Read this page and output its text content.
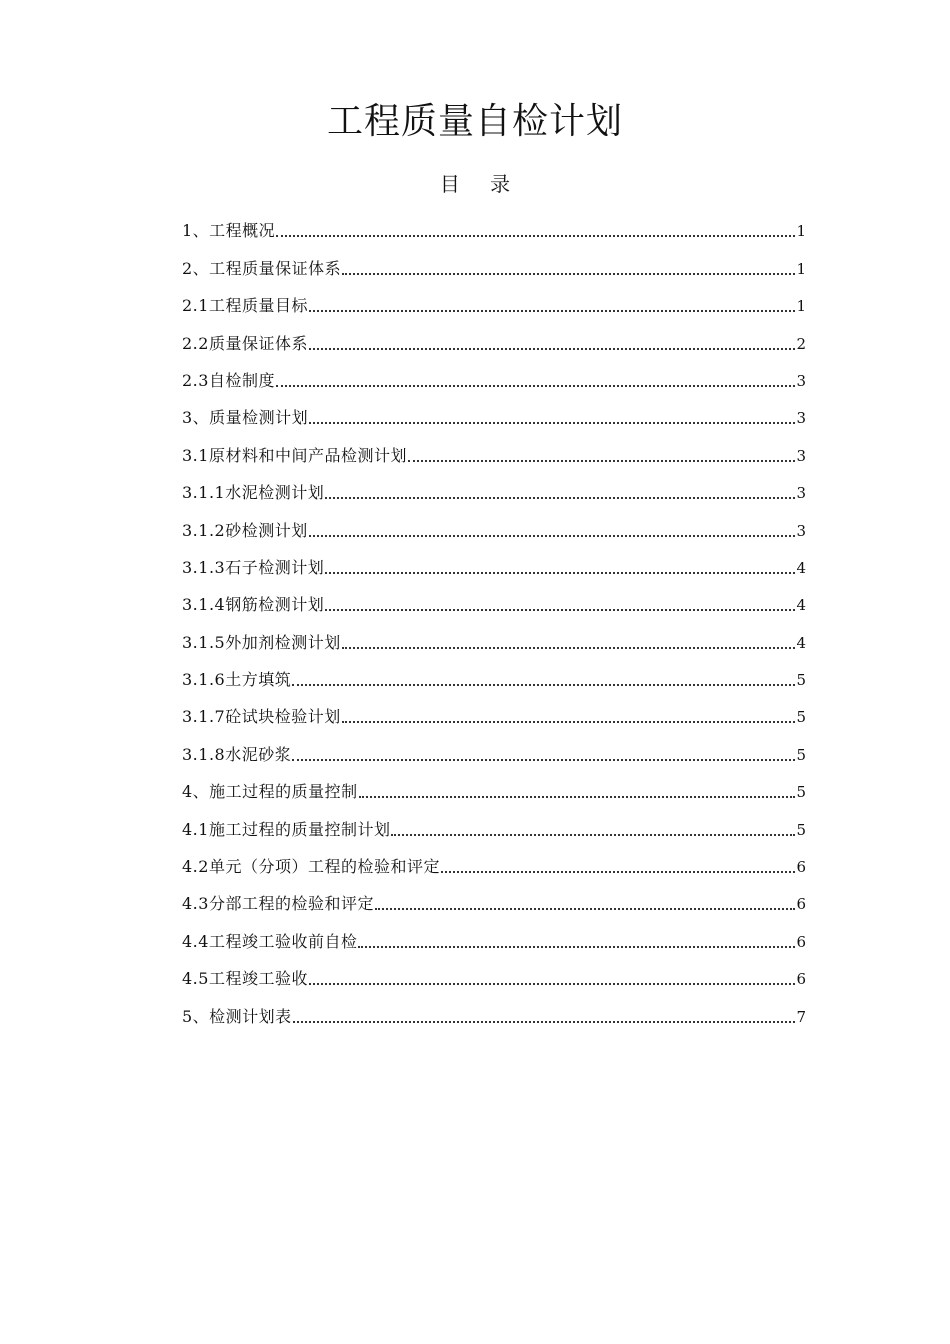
工程质量自检计划
目 录
1、工程概况	1
2、工程质量保证体系	1
2.1工程质量目标	1
2.2质量保证体系	2
2.3自检制度	3
3、质量检测计划	3
3.1原材料和中间产品检测计划	3
3.1.1水泥检测计划	3
3.1.2砂检测计划	3
3.1.3石子检测计划	4
3.1.4钢筋检测计划	4
3.1.5外加剂检测计划	4
3.1.6土方填筑	5
3.1.7砼试块检验计划	5
3.1.8水泥砂浆	5
4、施工过程的质量控制	5
4.1施工过程的质量控制计划	5
4.2单元（分项）工程的检验和评定	6
4.3分部工程的检验和评定	6
4.4工程竣工验收前自检	6
4.5工程竣工验收	6
5、检测计划表	7
